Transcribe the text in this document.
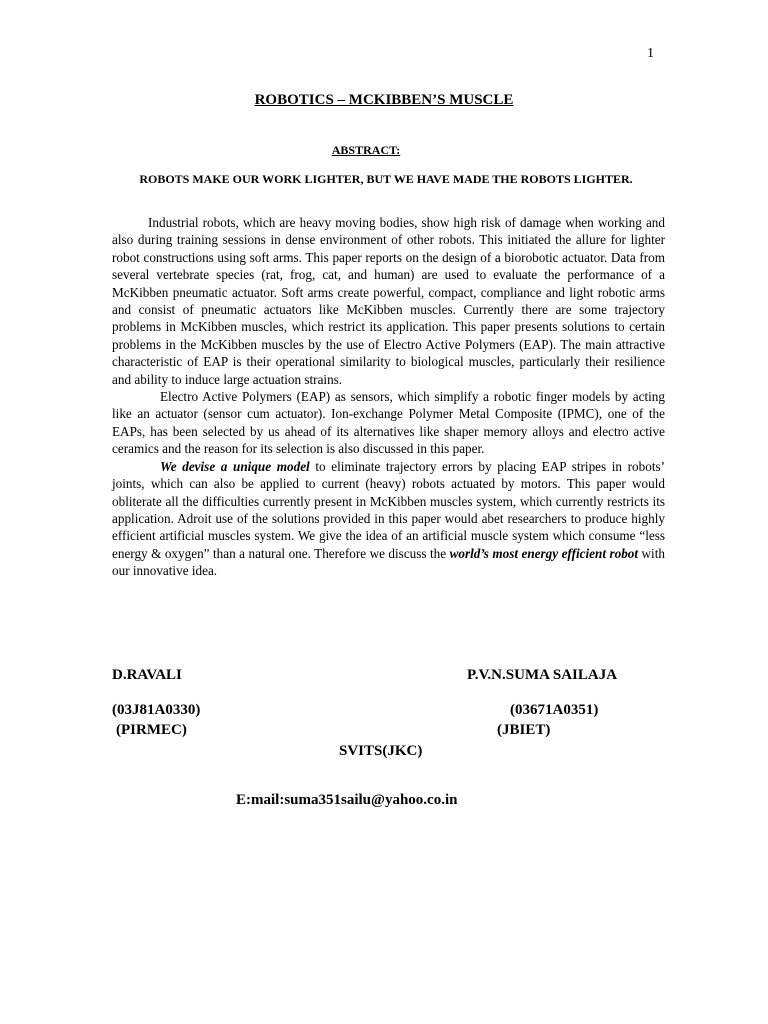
1
ROBOTICS – MCKIBBEN’S MUSCLE
ABSTRACT:
ROBOTS MAKE OUR WORK LIGHTER, BUT WE HAVE MADE THE ROBOTS LIGHTER.

Industrial robots, which are heavy moving bodies, show high risk of damage when working and also during training sessions in dense environment of other robots. This initiated the allure for lighter robot constructions using soft arms. This paper reports on the design of a biorobotic actuator. Data from several vertebrate species (rat, frog, cat, and human) are used to evaluate the performance of a McKibben pneumatic actuator. Soft arms create powerful, compact, compliance and light robotic arms and consist of pneumatic actuators like McKibben muscles. Currently there are some trajectory problems in McKibben muscles, which restrict its application. This paper presents solutions to certain problems in the McKibben muscles by the use of Electro Active Polymers (EAP). The main attractive characteristic of EAP is their operational similarity to biological muscles, particularly their resilience and ability to induce large actuation strains.

Electro Active Polymers (EAP) as sensors, which simplify a robotic finger models by acting like an actuator (sensor cum actuator). Ion-exchange Polymer Metal Composite (IPMC), one of the EAPs, has been selected by us ahead of its alternatives like shaper memory alloys and electro active ceramics and the reason for its selection is also discussed in this paper.

We devise a unique model to eliminate trajectory errors by placing EAP stripes in robots’ joints, which can also be applied to current (heavy) robots actuated by motors. This paper would obliterate all the difficulties currently present in McKibben muscles system, which currently restricts its application. Adroit use of the solutions provided in this paper would abet researchers to produce highly efficient artificial muscles system. We give the idea of an artificial muscle system which consume “less energy & oxygen” than a natural one. Therefore we discuss the world’s most energy efficient robot with our innovative idea.

D.RAVALI	P.V.N.SUMA SAILAJA
(03J81A0330)	(03671A0351)
(PIRMEC)	(JBIET)
SVITS(JKC)
E:mail:suma351sailu@yahoo.co.in
